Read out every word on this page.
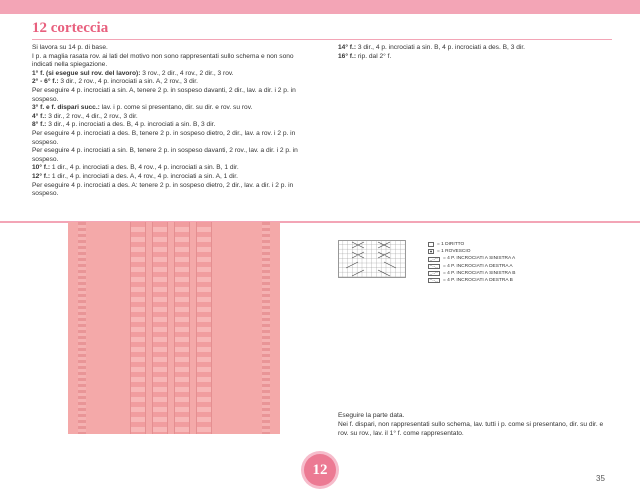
12 corteccia

Si lavora su 14 p. di base.

I p. a maglia rasata rov. ai lati del motivo non sono rappresentati sullo schema e non sono indicati nella spiegazione.

1° f. (si esegue sul rov. del lavoro): 3 rov., 2 dir., 4 rov., 2 dir., 3 rov.

2° - 6° f.: 3 dir., 2 rov., 4 p. incrociati a sin. A, 2 rov., 3 dir.

Per eseguire 4 p. incrociati a sin. A, tenere 2 p. in sospeso davanti, 2 dir., lav. a dir. i 2 p. in sospeso.

3° f. e f. dispari succ.: lav. i p. come si presentano, dir. su dir. e rov. su rov.

4° f.: 3 dir., 2 rov., 4 dir., 2 rov., 3 dir.

8° f.: 3 dir., 4 p. incrociati a des. B, 4 p. incrociati a sin. B, 3 dir.

Per eseguire 4 p. incrociati a des. B, tenere 2 p. in sospeso dietro, 2 dir., lav. a rov. i 2 p. in sospeso.

Per eseguire 4 p. incrociati a sin. B, tenere 2 p. in sospeso davanti, 2 rov., lav. a dir. i 2 p. in sospeso.

10° f.: 1 dir., 4 p. incrociati a des. B, 4 rov., 4 p. incrociati a sin. B, 1 dir.

12° f.: 1 dir., 4 p. incrociati a des. A, 4 rov., 4 p. incrociati a sin. A, 1 dir.

Per eseguire 4 p. incrociati a des. A: tenere 2 p. in sospeso dietro, 2 dir., lav. a dir. i 2 p. in sospeso.

14° f.: 3 dir., 4 p. incrociati a sin. B, 4 p. incrociati a des. B, 3 dir.

16° f.: rip. dal 2° f.

= 1 DIRITTO
= 1 ROVESCIO
= 4 P. INCROCIATI A SINISTRA A
= 4 P. INCROCIATI A DESTRA A
= 4 P. INCROCIATI A SINISTRA B
= 4 P. INCROCIATI A DESTRA B
Eseguire la parte data.
Nei f. dispari, non rappresentati sullo schema, lav. tutti i p. come si presentano, dir. su dir. e rov. su rov., lav. il 1° f. come rappresentato.
12
35
